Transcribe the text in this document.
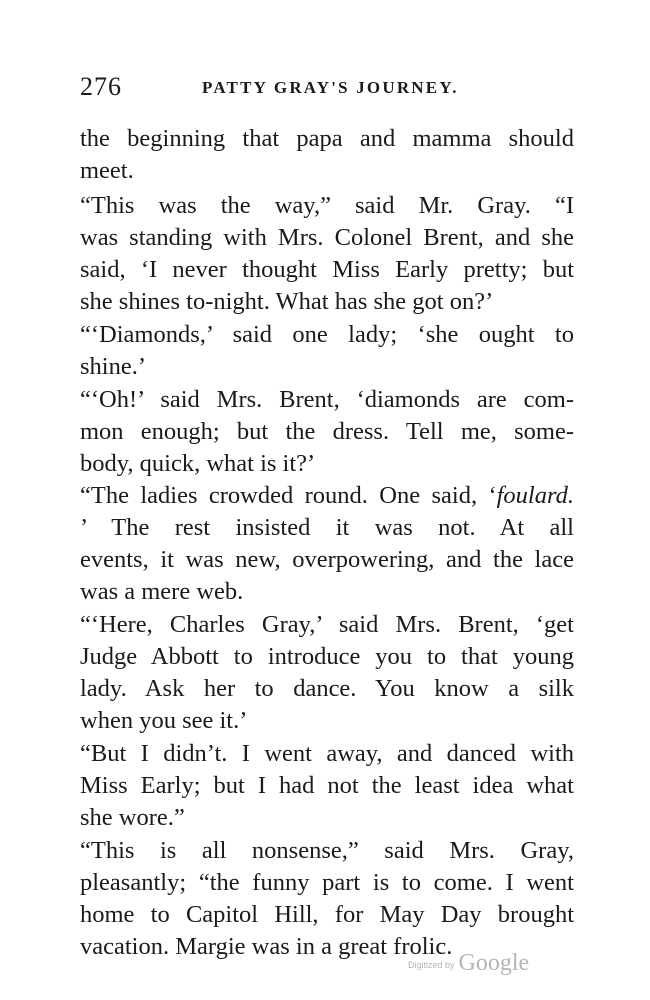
276	PATTY GRAY'S JOURNEY.
the beginning that papa and mamma should
meet.
“This was the way,” said Mr. Gray. “I
was standing with Mrs. Colonel Brent, and she
said, ‘I never thought Miss Early pretty; but
she shines to-night. What has she got on?’
“‘Diamonds,’ said one lady; ‘she ought to
shine.’
“‘Oh!’ said Mrs. Brent, ‘diamonds are com-
mon enough; but the dress. Tell me, some-
body, quick, what is it?’
“The ladies crowded round. One said, ‘foulard.
’ The rest insisted it was not. At all
events, it was new, overpowering, and the lace
was a mere web.
“‘Here, Charles Gray,’ said Mrs. Brent, ‘get
Judge Abbott to introduce you to that young
lady. Ask her to dance. You know a silk
when you see it.’
“But I didn’t. I went away, and danced with
Miss Early; but I had not the least idea what
she wore.”
“This is all nonsense,” said Mrs. Gray,
pleasantly; “the funny part is to come. I went
home to Capitol Hill, for May Day brought
vacation. Margie was in a great frolic.
Digitized by Google
